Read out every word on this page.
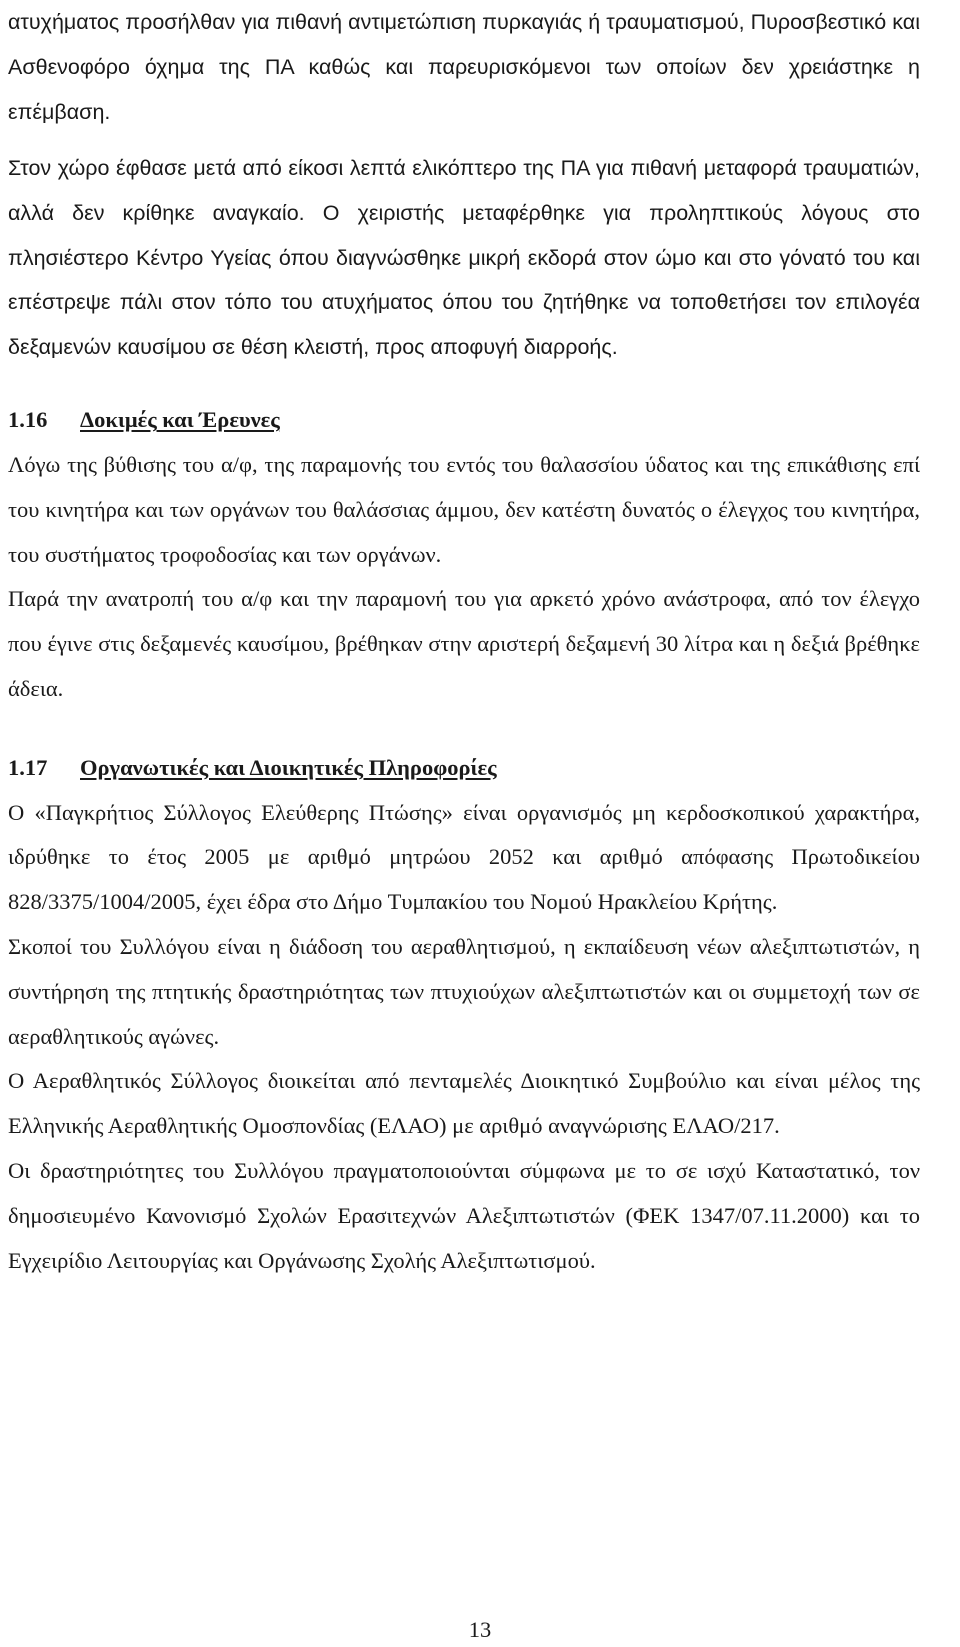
ατυχήματος προσήλθαν για πιθανή αντιμετώπιση πυρκαγιάς ή τραυματισμού, Πυροσβεστικό και Ασθενοφόρο όχημα της ΠΑ καθώς και παρευρισκόμενοι των οποίων δεν χρειάστηκε η επέμβαση.

Στον χώρο έφθασε μετά από είκοσι λεπτά ελικόπτερο της ΠΑ για πιθανή μεταφορά τραυματιών, αλλά δεν κρίθηκε αναγκαίο. Ο χειριστής μεταφέρθηκε για προληπτικούς λόγους στο πλησιέστερο Κέντρο Υγείας όπου διαγνώσθηκε μικρή εκδορά στον ώμο και στο γόνατό του και επέστρεψε πάλι στον τόπο του ατυχήματος όπου του ζητήθηκε να τοποθετήσει τον επιλογέα δεξαμενών καυσίμου σε θέση κλειστή, προς αποφυγή διαρροής.

1.16 Δοκιμές και Έρευνες

Λόγω της βύθισης του α/φ, της παραμονής του εντός του θαλασσίου ύδατος και της επικάθισης επί του κινητήρα και των οργάνων του θαλάσσιας άμμου, δεν κατέστη δυνατός ο έλεγχος του κινητήρα, του συστήματος τροφοδοσίας και των οργάνων.

Παρά την ανατροπή του α/φ και την παραμονή του για αρκετό χρόνο ανάστροφα, από τον έλεγχο που έγινε στις δεξαμενές καυσίμου, βρέθηκαν στην αριστερή δεξαμενή 30 λίτρα και η δεξιά βρέθηκε άδεια.

1.17 Οργανωτικές και Διοικητικές Πληροφορίες

Ο «Παγκρήτιος Σύλλογος Ελεύθερης Πτώσης» είναι οργανισμός μη κερδοσκοπικού χαρακτήρα, ιδρύθηκε το έτος 2005 με αριθμό μητρώου 2052 και αριθμό απόφασης Πρωτοδικείου 828/3375/1004/2005, έχει έδρα στο Δήμο Τυμπακίου του Νομού Ηρακλείου Κρήτης.

Σκοποί του Συλλόγου είναι η διάδοση του αεραθλητισμού, η εκπαίδευση νέων αλεξιπτωτιστών, η συντήρηση της πτητικής δραστηριότητας των πτυχιούχων αλεξιπτωτιστών και οι συμμετοχή των σε αεραθλητικούς αγώνες.

Ο Αεραθλητικός Σύλλογος διοικείται από πενταμελές Διοικητικό Συμβούλιο και είναι μέλος της Ελληνικής Αεραθλητικής Ομοσπονδίας (ΕΛΑΟ) με αριθμό αναγνώρισης ΕΛΑΟ/217.

Οι δραστηριότητες του Συλλόγου πραγματοποιούνται σύμφωνα με το σε ισχύ Καταστατικό, τον δημοσιευμένο Κανονισμό Σχολών Ερασιτεχνών Αλεξιπτωτιστών (ΦΕΚ 1347/07.11.2000) και το Εγχειρίδιο Λειτουργίας και Οργάνωσης Σχολής Αλεξιπτωτισμού.

13
